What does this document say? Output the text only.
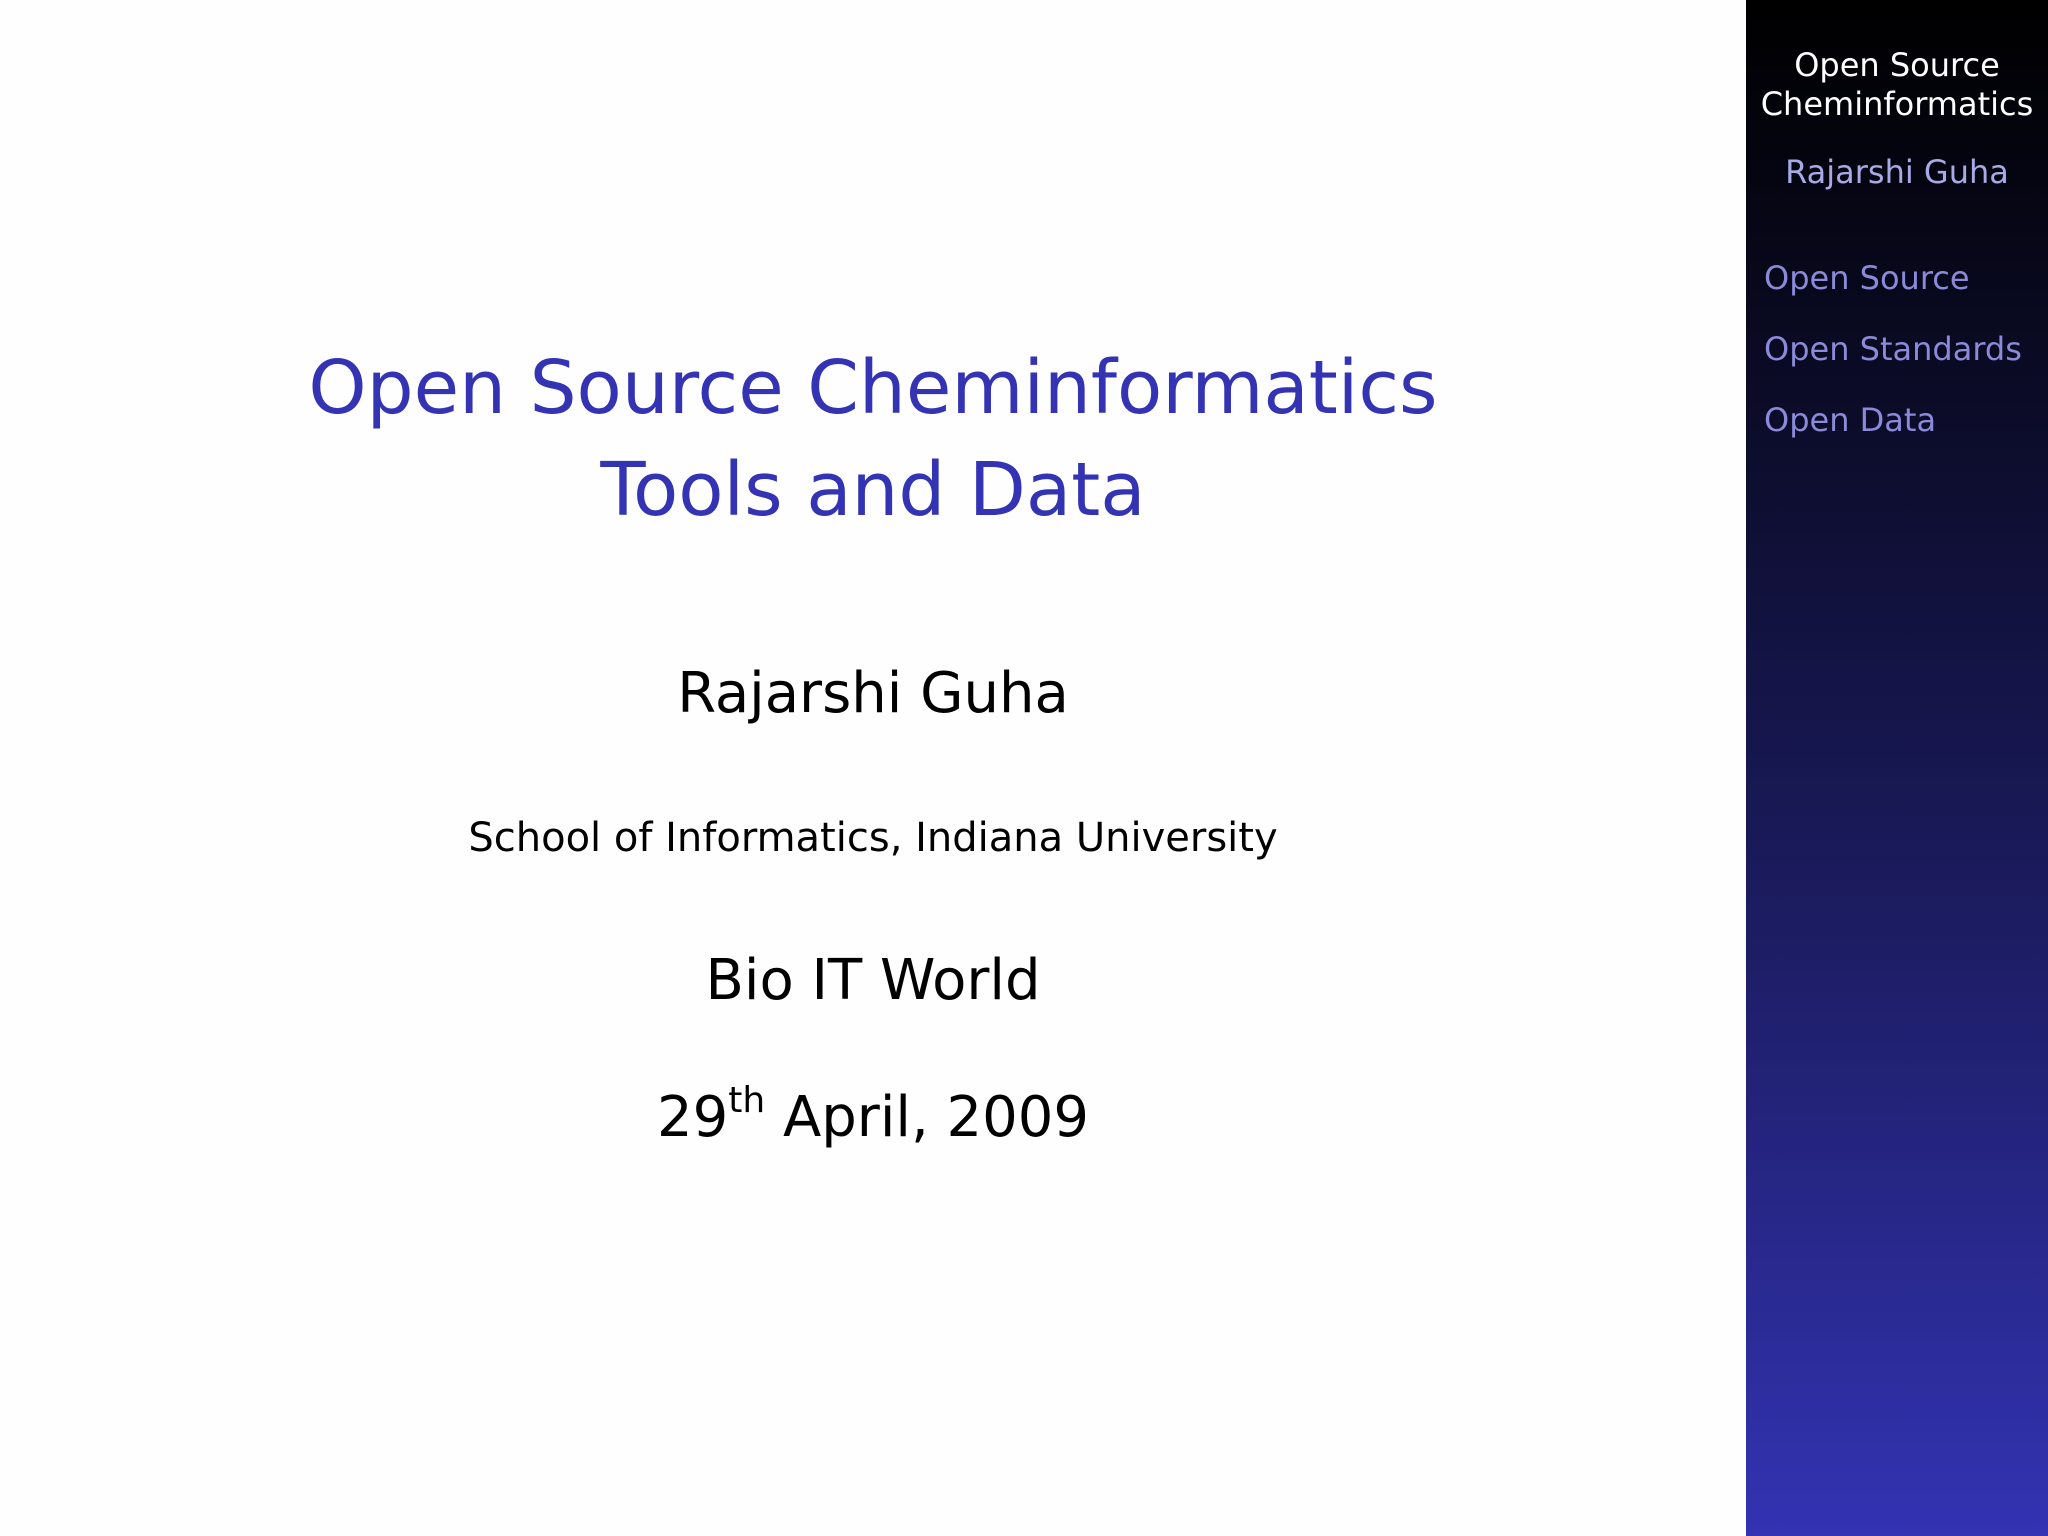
Open Source Cheminformatics
Tools and Data
Rajarshi Guha
School of Informatics, Indiana University
Bio IT World
29th April, 2009
Open Source
Cheminformatics
Rajarshi Guha
Open Source
Open Standards
Open Data
